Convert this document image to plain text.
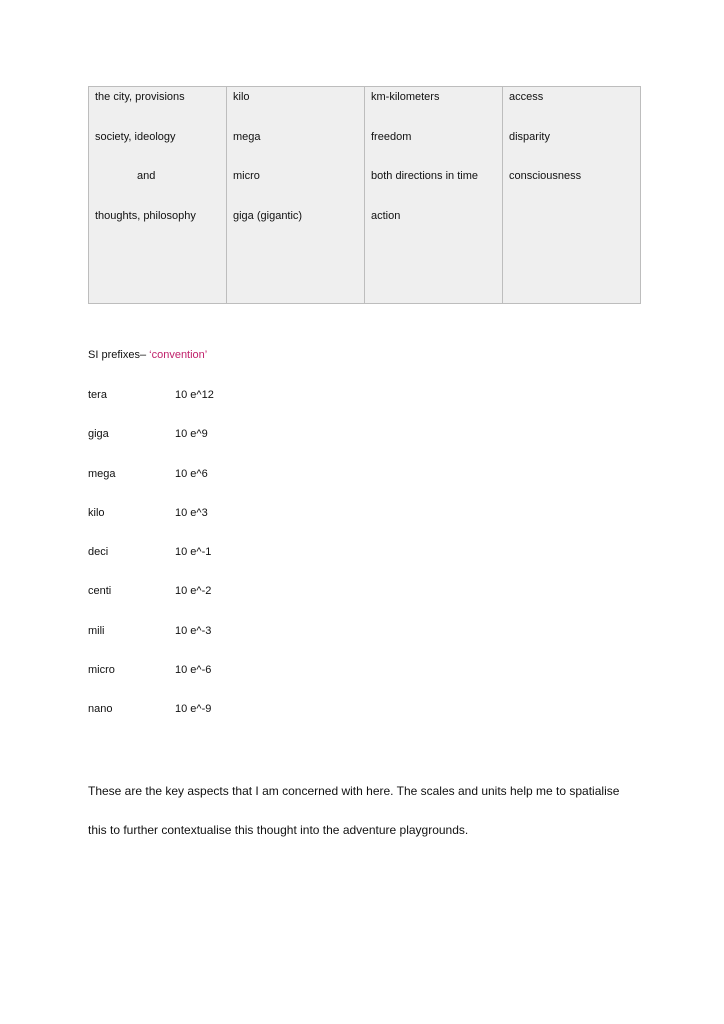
the city, provisions
society, ideology
and
thoughts, philosophy

kilo
mega
micro
giga (gigantic)

km-kilometers
freedom
both directions in time
action

access
disparity
consciousness
SI prefixes– ‘convention’
tera	10 e^12
giga	10 e^9
mega	10 e^6
kilo	10 e^3
deci	10 e^-1
centi	10 e^-2
mili	10 e^-3
micro	10 e^-6
nano	10 e^-9
These are the key aspects that I am concerned with here. The scales and units help me to spatialise
this to further contextualise this thought into the adventure playgrounds.
